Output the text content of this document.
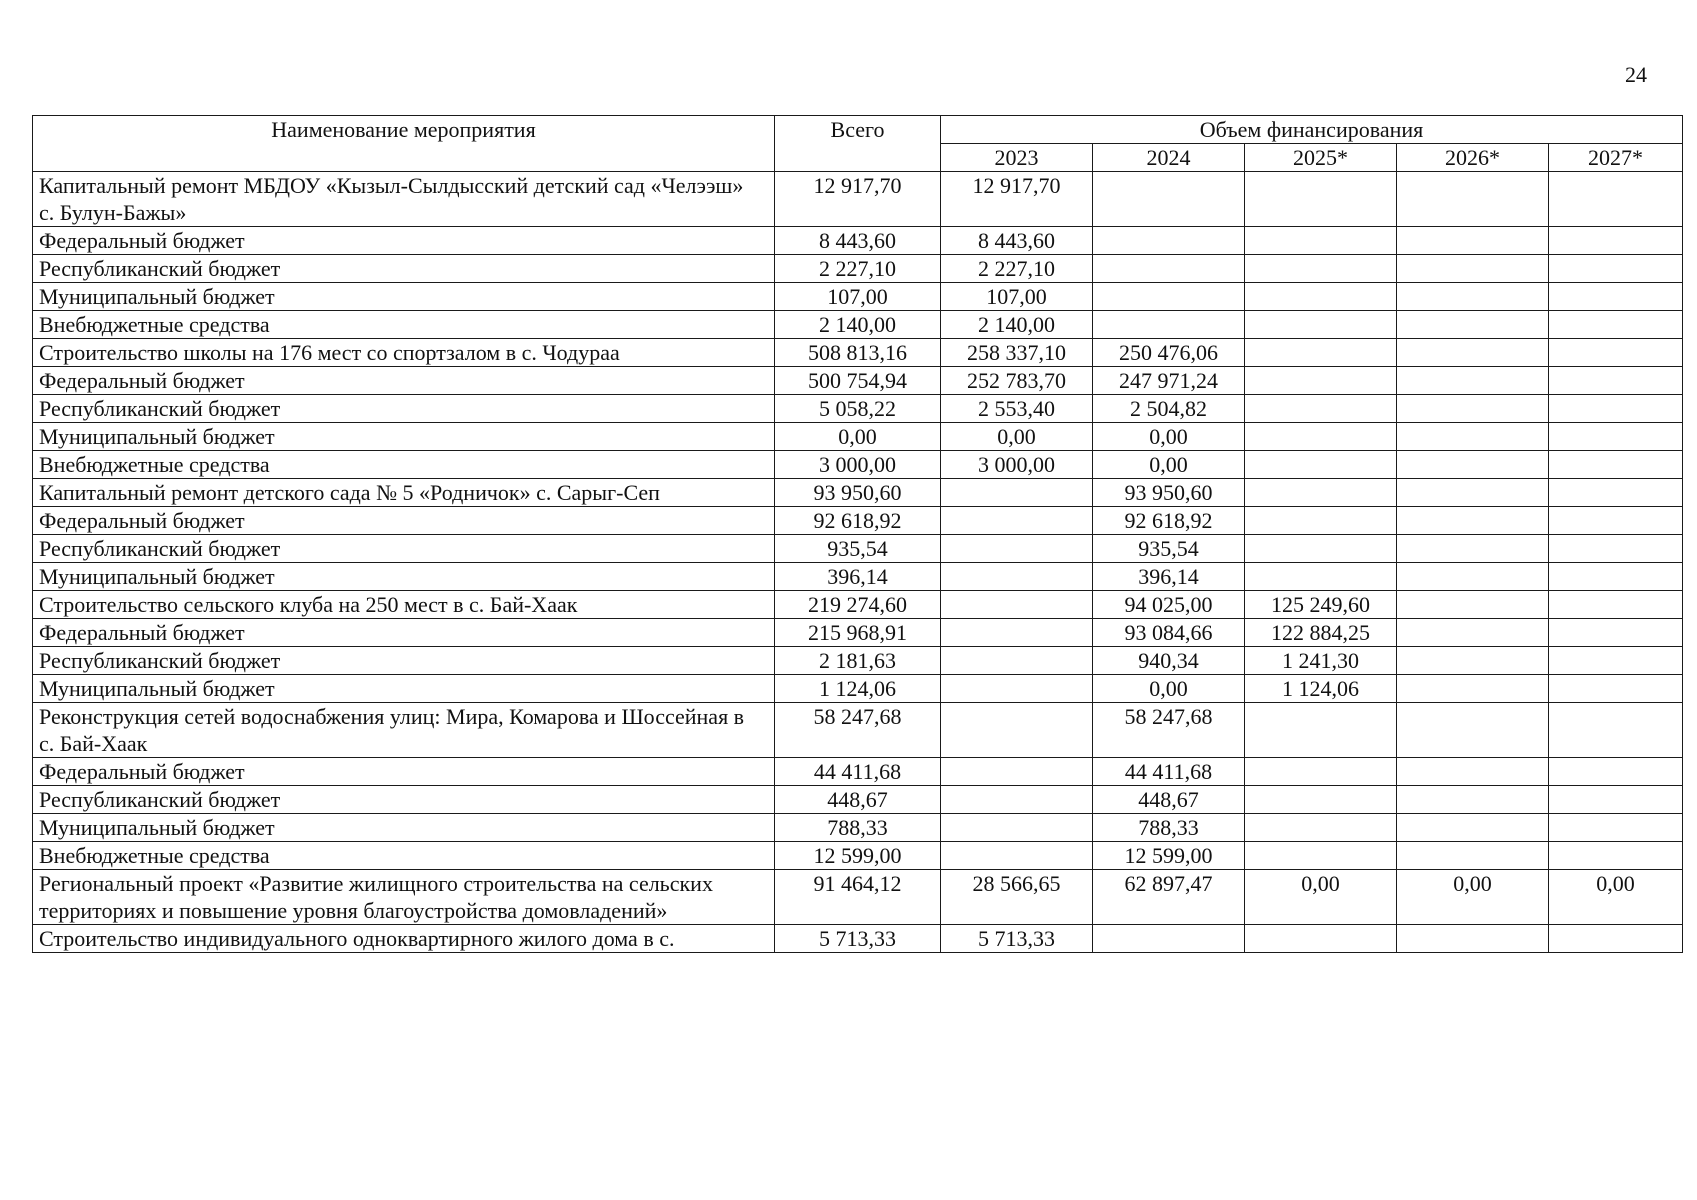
24
Наименование мероприятия	Всего	Объем финансирования				
		2023	2024	2025*	2026*	2027*
Капитальный ремонт МБДОУ «Кызыл-Сылдысский детский сад «Челээш» с. Булун-Бажы»	12 917,70	12 917,70				
Федеральный бюджет	8 443,60	8 443,60				
Республиканский бюджет	2 227,10	2 227,10				
Муниципальный бюджет	107,00	107,00				
Внебюджетные средства	2 140,00	2 140,00				
Строительство школы на 176 мест со спортзалом в с. Чодураа	508 813,16	258 337,10	250 476,06			
Федеральный бюджет	500 754,94	252 783,70	247 971,24			
Республиканский бюджет	5 058,22	2 553,40	2 504,82			
Муниципальный бюджет	0,00	0,00	0,00			
Внебюджетные средства	3 000,00	3 000,00	0,00			
Капитальный ремонт детского сада № 5 «Родничок» с. Сарыг-Сеп	93 950,60		93 950,60			
Федеральный бюджет	92 618,92		92 618,92			
Республиканский бюджет	935,54		935,54			
Муниципальный бюджет	396,14		396,14			
Строительство сельского клуба на 250 мест в с. Бай-Хаак	219 274,60		94 025,00	125 249,60		
Федеральный бюджет	215 968,91		93 084,66	122 884,25		
Республиканский бюджет	2 181,63		940,34	1 241,30		
Муниципальный бюджет	1 124,06		0,00	1 124,06		
Реконструкция сетей водоснабжения улиц: Мира, Комарова и Шоссейная в с. Бай-Хаак	58 247,68		58 247,68			
Федеральный бюджет	44 411,68		44 411,68			
Республиканский бюджет	448,67		448,67			
Муниципальный бюджет	788,33		788,33			
Внебюджетные средства	12 599,00		12 599,00			
Региональный проект «Развитие жилищного строительства на сельских территориях и повышение уровня благоустройства домовладений»	91 464,12	28 566,65	62 897,47	0,00	0,00	0,00
Строительство индивидуального одноквартирного жилого дома в с.	5 713,33	5 713,33				
